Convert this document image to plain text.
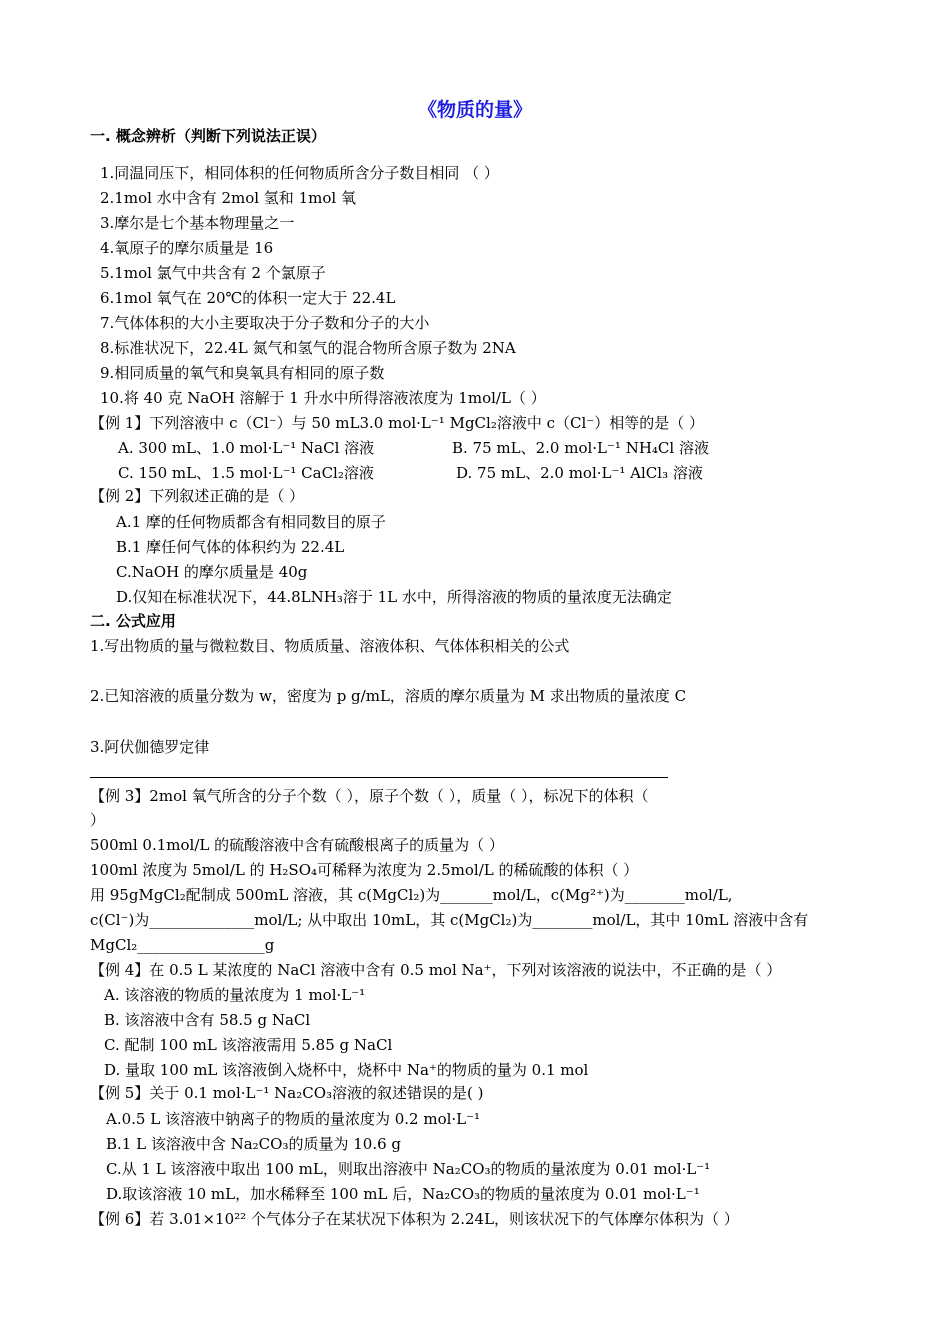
《物质的量》
一. 概念辨析（判断下列说法正误）
1.同温同压下，相同体积的任何物质所含分子数目相同 （ ）
2.1mol 水中含有 2mol 氢和 1mol 氧
3.摩尔是七个基本物理量之一
4.氧原子的摩尔质量是 16
5.1mol 氯气中共含有 2 个氯原子
6.1mol 氧气在 20℃的体积一定大于 22.4L
7.气体体积的大小主要取决于分子数和分子的大小
8.标准状况下，22.4L 氮气和氢气的混合物所含原子数为 2NA
9.相同质量的氧气和臭氧具有相同的原子数
10.将 40 克 NaOH 溶解于 1 升水中所得溶液浓度为 1mol/L（ ）
【例 1】下列溶液中 c（Cl⁻）与 50 mL3.0 mol·L⁻¹ MgCl₂溶液中 c（Cl⁻）相等的是（ ）
A. 300 mL、1.0 mol·L⁻¹ NaCl 溶液	B. 75 mL、2.0 mol·L⁻¹ NH₄Cl 溶液
C. 150 mL、1.5 mol·L⁻¹ CaCl₂溶液	D. 75 mL、2.0 mol·L⁻¹ AlCl₃ 溶液
【例 2】下列叙述正确的是（ ）
A.1 摩的任何物质都含有相同数目的原子
B.1 摩任何气体的体积约为 22.4L
C.NaOH 的摩尔质量是 40g
D.仅知在标准状况下，44.8LNH₃溶于 1L 水中，所得溶液的物质的量浓度无法确定
二. 公式应用
1.写出物质的量与微粒数目、物质质量、溶液体积、气体体积相关的公式
2.已知溶液的质量分数为 w，密度为 p g/mL，溶质的摩尔质量为 M 求出物质的量浓度 C
3.阿伏伽德罗定律
【例 3】2mol 氧气所含的分子个数（ ），原子个数（ ），质量（ ），标况下的体积（
）
500ml 0.1mol/L 的硫酸溶液中含有硫酸根离子的质量为（ ）
100ml 浓度为 5mol/L 的 H₂SO₄可稀释为浓度为 2.5mol/L 的稀硫酸的体积（ ）
用 95gMgCl₂配制成 500mL 溶液，其 c(MgCl₂)为_______mol/L，c(Mg²⁺)为________mol/L,
c(Cl⁻)为______________mol/L; 从中取出 10mL，其 c(MgCl₂)为________mol/L，其中 10mL 溶液中含有
MgCl₂_________________g
【例 4】在 0.5 L 某浓度的 NaCl 溶液中含有 0.5 mol Na⁺，下列对该溶液的说法中，不正确的是（ ）
A. 该溶液的物质的量浓度为 1 mol·L⁻¹
B. 该溶液中含有 58.5 g NaCl
C. 配制 100 mL 该溶液需用 5.85 g NaCl
D. 量取 100 mL 该溶液倒入烧杯中，烧杯中 Na⁺的物质的量为 0.1 mol
【例 5】关于 0.1 mol·L⁻¹ Na₂CO₃溶液的叙述错误的是( )
A.0.5 L 该溶液中钠离子的物质的量浓度为 0.2 mol·L⁻¹
B.1 L 该溶液中含 Na₂CO₃的质量为 10.6 g
C.从 1 L 该溶液中取出 100 mL，则取出溶液中 Na₂CO₃的物质的量浓度为 0.01 mol·L⁻¹
D.取该溶液 10 mL，加水稀释至 100 mL 后，Na₂CO₃的物质的量浓度为 0.01 mol·L⁻¹
【例 6】若 3.01×10²² 个气体分子在某状况下体积为 2.24L，则该状况下的气体摩尔体积为（ ）
